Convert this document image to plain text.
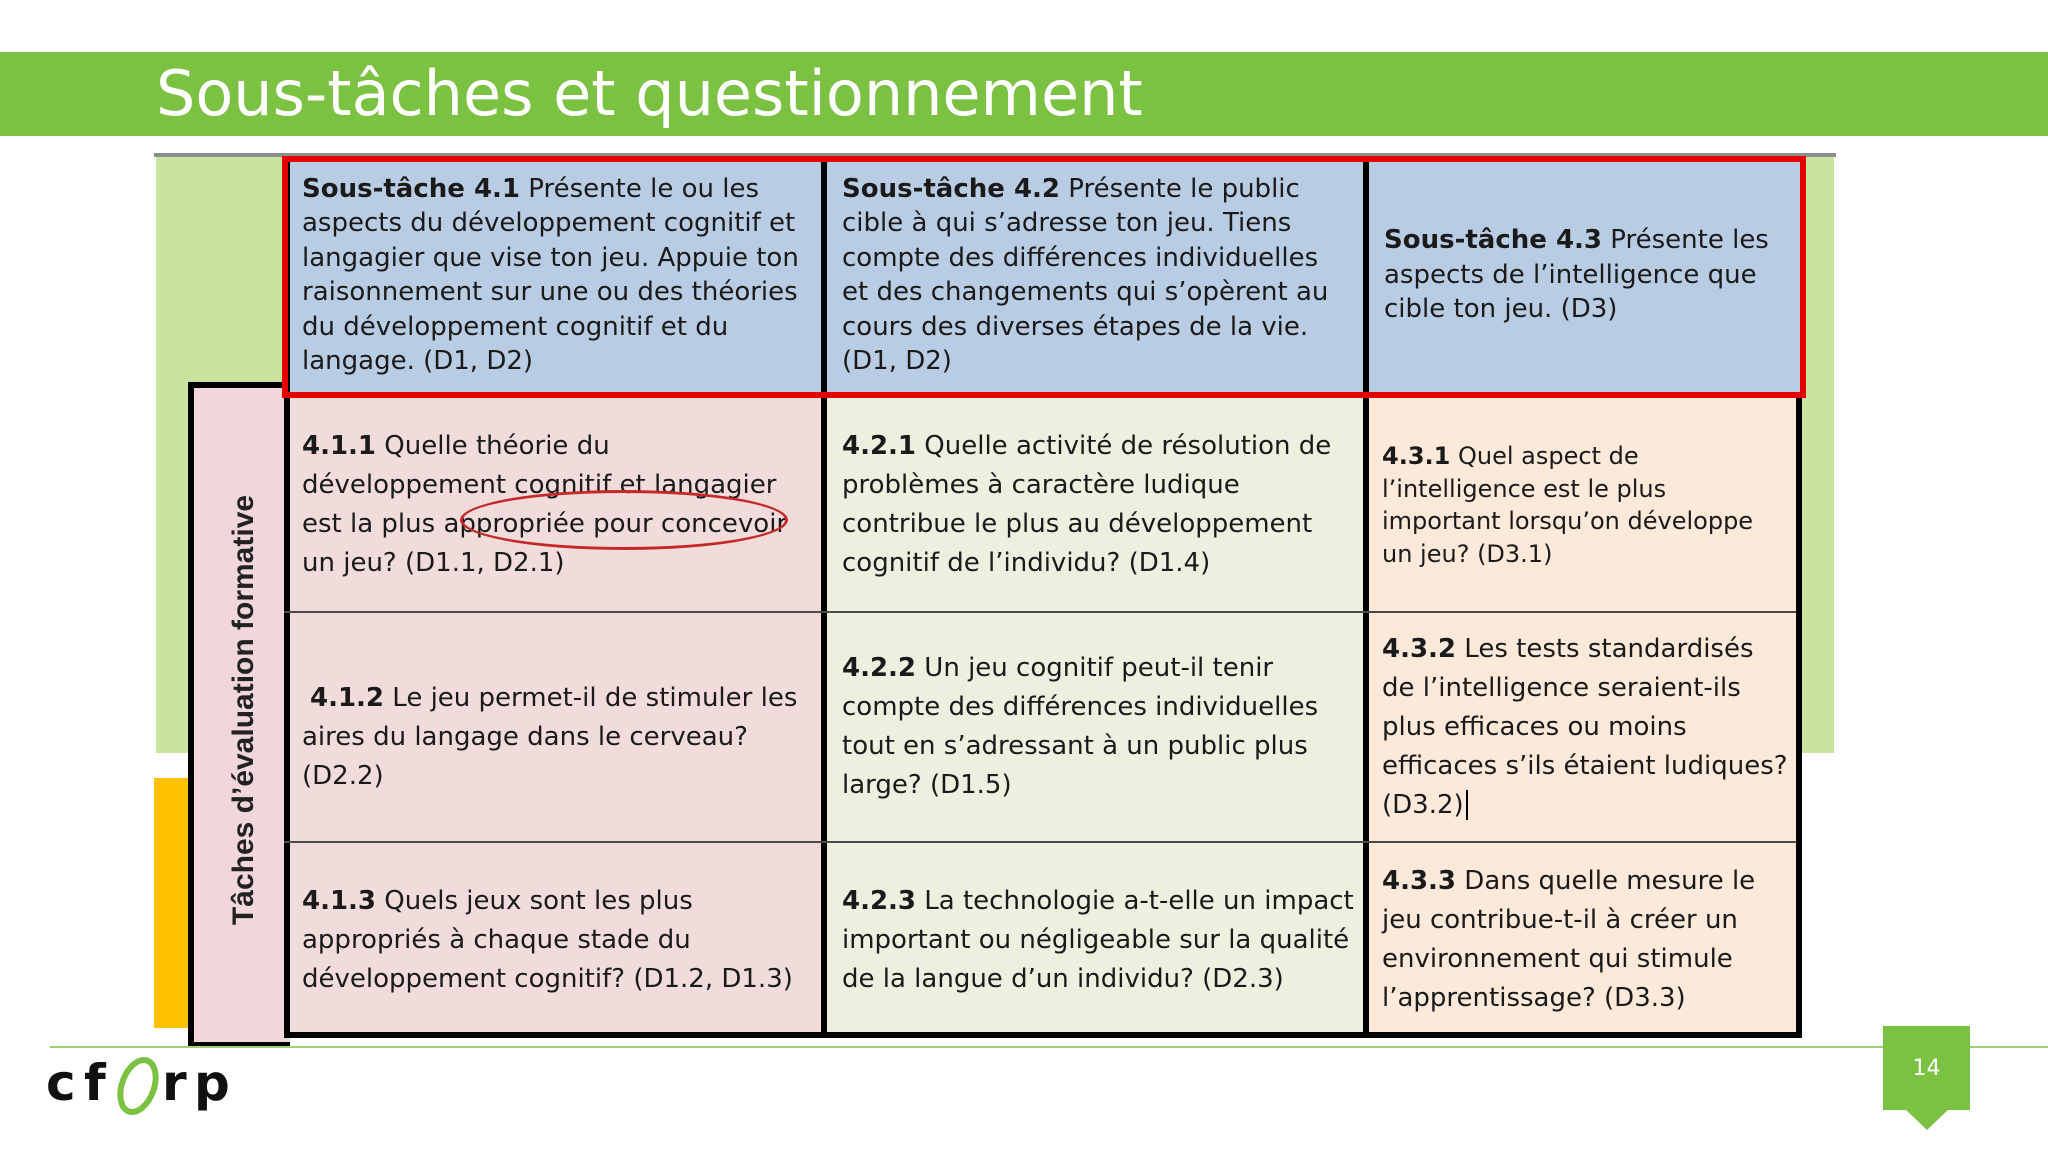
Sous-tâches et questionnement
Tâches d’évaluation formative
Sous-tâche 4.1 Présente le ou les aspects du développement cognitif et langagier que vise ton jeu. Appuie ton raisonnement sur une ou des théories du développement cognitif et du langage. (D1, D2)
Sous-tâche 4.2 Présente le public cible à qui s’adresse ton jeu. Tiens compte des différences individuelles et des changements qui s’opèrent au cours des diverses étapes de la vie. (D1, D2)
Sous-tâche 4.3 Présente les aspects de l’intelligence que cible ton jeu. (D3)
4.1.1 Quelle théorie du développement cognitif et langagier est la plus appropriée pour concevoir un jeu? (D1.1, D2.1)
4.1.2 Le jeu permet-il de stimuler les aires du langage dans le cerveau? (D2.2)
4.1.3 Quels jeux sont les plus appropriés à chaque stade du développement cognitif? (D1.2, D1.3)
4.2.1 Quelle activité de résolution de problèmes à caractère ludique contribue le plus au développement cognitif de l’individu? (D1.4)
4.2.2 Un jeu cognitif peut-il tenir compte des différences individuelles tout en s’adressant à un public plus large? (D1.5)
4.2.3 La technologie a-t-elle un impact important ou négligeable sur la qualité de la langue d’un individu? (D2.3)
4.3.1 Quel aspect de l’intelligence est le plus important lorsqu’on développe un jeu? (D3.1)
4.3.2 Les tests standardisés de l’intelligence seraient-ils plus efficaces ou moins efficaces s’ils étaient ludiques? (D3.2)
4.3.3 Dans quelle mesure le jeu contribue-t-il à créer un environnement qui stimule l’apprentissage? (D3.3)
c f r p	14
